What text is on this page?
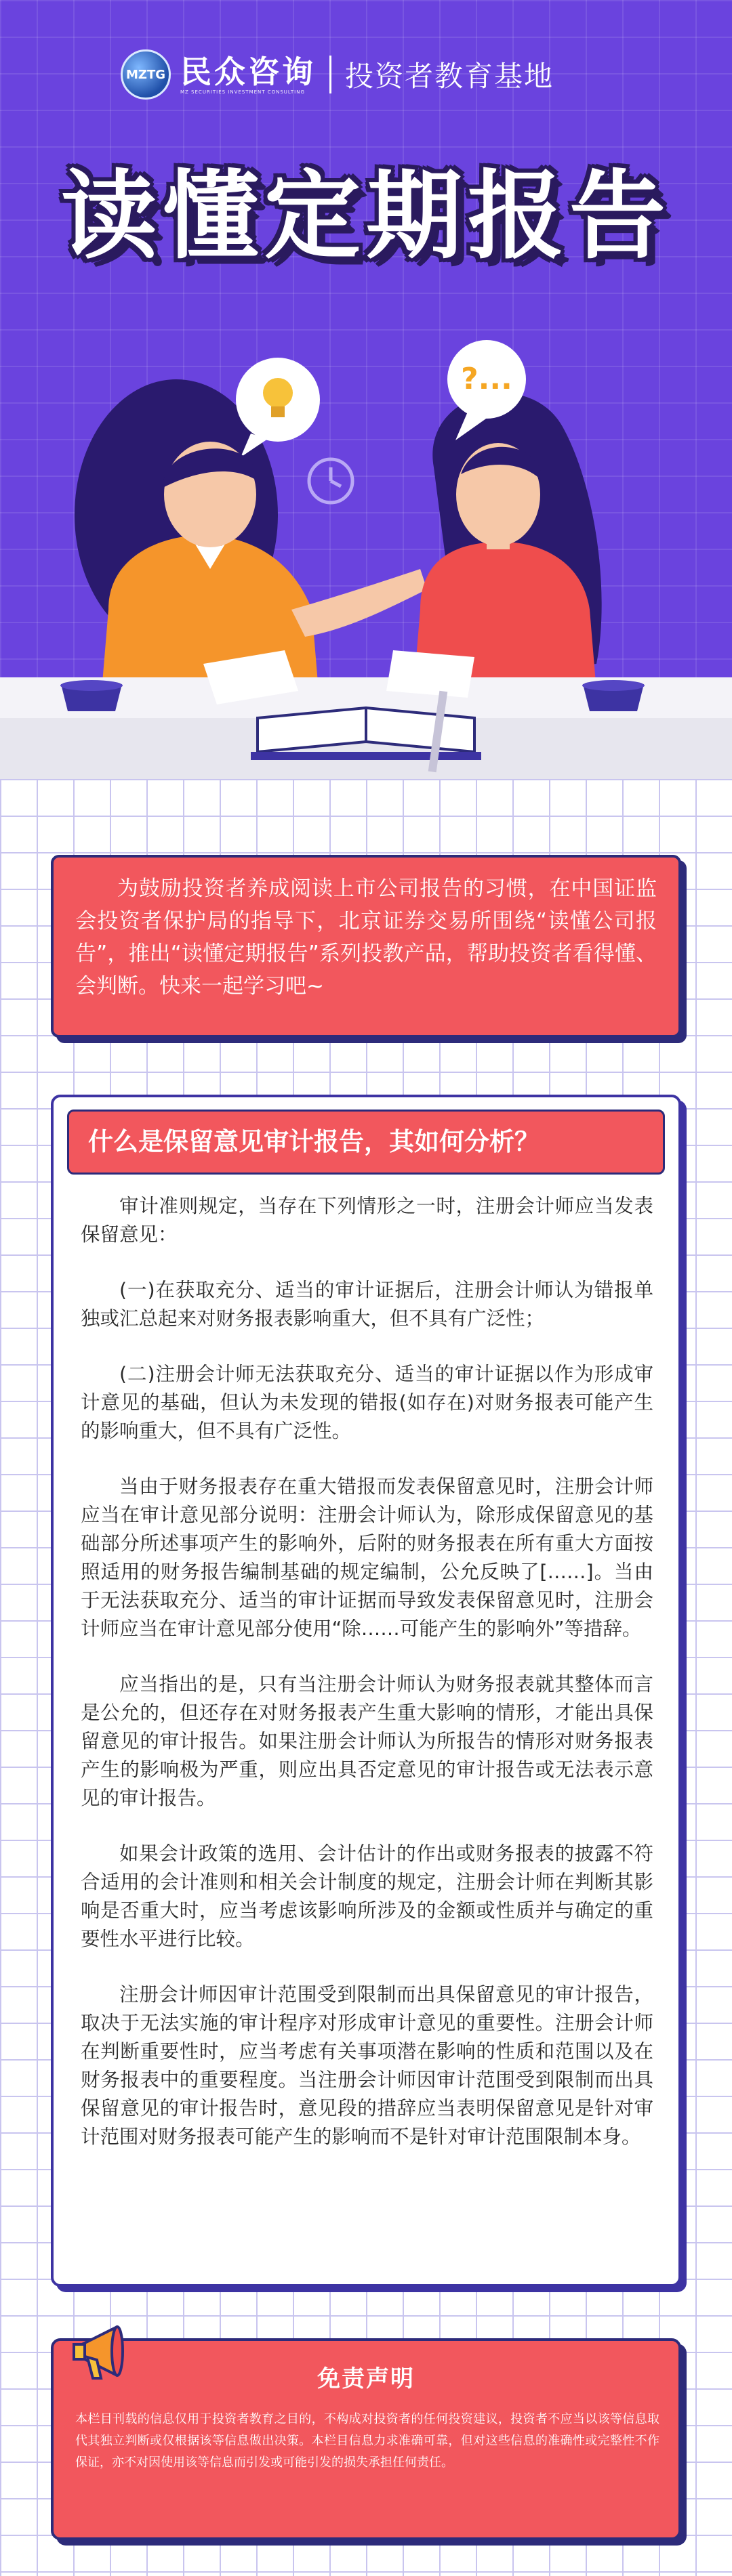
MZTG 民众咨询
MZ SECURITIES INVESTMENT CONSULTING	投资者教育基地
读懂定期报告
?...
为鼓励投资者养成阅读上市公司报告的习惯，在中国证监会投资者保护局的指导下，北京证券交易所围绕“读懂公司报告”，推出“读懂定期报告”系列投教产品，帮助投资者看得懂、会判断。快来一起学习吧~
什么是保留意见审计报告，其如何分析？

审计准则规定，当存在下列情形之一时，注册会计师应当发表保留意见：

(一)在获取充分、适当的审计证据后，注册会计师认为错报单独或汇总起来对财务报表影响重大，但不具有广泛性；

(二)注册会计师无法获取充分、适当的审计证据以作为形成审计意见的基础，但认为未发现的错报(如存在)对财务报表可能产生的影响重大，但不具有广泛性。

当由于财务报表存在重大错报而发表保留意见时，注册会计师应当在审计意见部分说明：注册会计师认为，除形成保留意见的基础部分所述事项产生的影响外，后附的财务报表在所有重大方面按照适用的财务报告编制基础的规定编制，公允反映了[……]。当由于无法获取充分、适当的审计证据而导致发表保留意见时，注册会计师应当在审计意见部分使用“除……可能产生的影响外”等措辞。

应当指出的是，只有当注册会计师认为财务报表就其整体而言是公允的，但还存在对财务报表产生重大影响的情形，才能出具保留意见的审计报告。如果注册会计师认为所报告的情形对财务报表产生的影响极为严重，则应出具否定意见的审计报告或无法表示意见的审计报告。

如果会计政策的选用、会计估计的作出或财务报表的披露不符合适用的会计准则和相关会计制度的规定，注册会计师在判断其影响是否重大时，应当考虑该影响所涉及的金额或性质并与确定的重要性水平进行比较。

注册会计师因审计范围受到限制而出具保留意见的审计报告，取决于无法实施的审计程序对形成审计意见的重要性。注册会计师在判断重要性时，应当考虑有关事项潜在影响的性质和范围以及在财务报表中的重要程度。当注册会计师因审计范围受到限制而出具保留意见的审计报告时，意见段的措辞应当表明保留意见是针对审计范围对财务报表可能产生的影响而不是针对审计范围限制本身。

免责声明
本栏目刊载的信息仅用于投资者教育之目的，不构成对投资者的任何投资建议，投资者不应当以该等信息取代其独立判断或仅根据该等信息做出决策。本栏目信息力求准确可靠，但对这些信息的准确性或完整性不作保证，亦不对因使用该等信息而引发或可能引发的损失承担任何责任。
